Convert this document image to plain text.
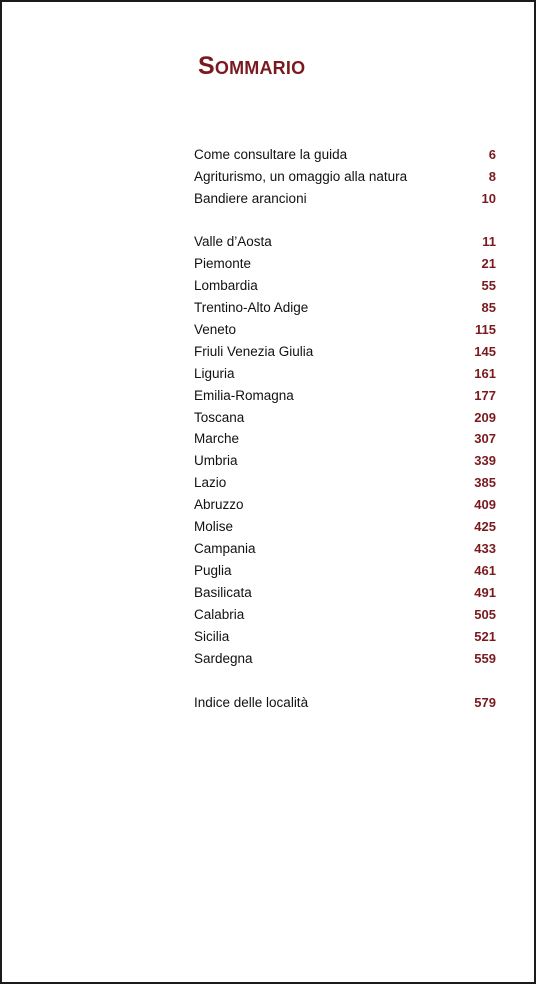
Sommario
Come consultare la guida	6
Agriturismo, un omaggio alla natura	8
Bandiere arancioni	10
Valle d’Aosta	11
Piemonte	21
Lombardia	55
Trentino-Alto Adige	85
Veneto	115
Friuli Venezia Giulia	145
Liguria	161
Emilia-Romagna	177
Toscana	209
Marche	307
Umbria	339
Lazio	385
Abruzzo	409
Molise	425
Campania	433
Puglia	461
Basilicata	491
Calabria	505
Sicilia	521
Sardegna	559
Indice delle località	579
